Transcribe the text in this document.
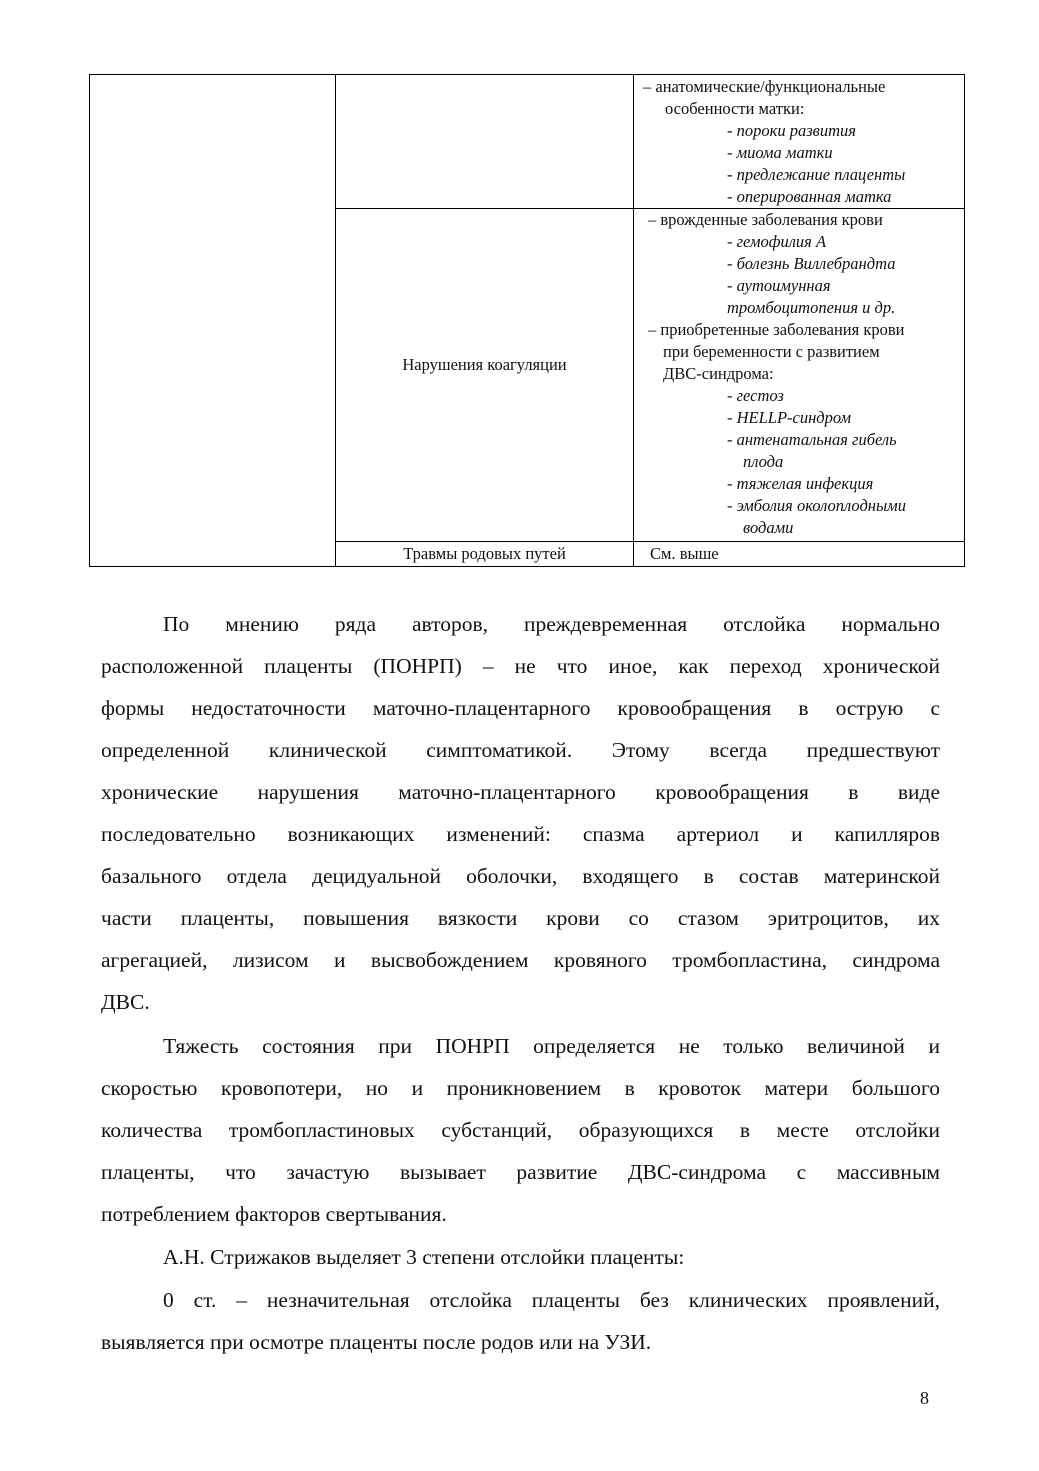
– анатомические/функциональные
особенности матки:
- пороки развития
- миома матки
- предлежание плаценты
- оперированная матка
Нарушения коагуляции
– врожденные заболевания крови
- гемофилия А
- болезнь Виллебрандта
- аутоимунная
тромбоцитопения и др.
– приобретенные заболевания крови
при беременности с развитием
ДВС-синдрома:
- гестоз
- HELLP-синдром
- антенатальная гибель
плода
- тяжелая инфекция
- эмболия околоплодными
водами
Травмы родовых путей	См. выше
По мнению ряда авторов, преждевременная отслойка нормально
расположенной плаценты (ПОНРП) – не что иное, как переход хронической
формы недостаточности маточно-плацентарного кровообращения в острую с
определенной клинической симптоматикой. Этому всегда предшествуют
хронические нарушения маточно-плацентарного кровообращения в виде
последовательно возникающих изменений: спазма артериол и капилляров
базального отдела децидуальной оболочки, входящего в состав материнской
части плаценты, повышения вязкости крови со стазом эритроцитов, их
агрегацией, лизисом и высвобождением кровяного тромбопластина, синдрома
ДВС.
Тяжесть состояния при ПОНРП определяется не только величиной и
скоростью кровопотери, но и проникновением в кровоток матери большого
количества тромбопластиновых субстанций, образующихся в месте отслойки
плаценты, что зачастую вызывает развитие ДВС-синдрома с массивным
потреблением факторов свертывания.
А.Н. Стрижаков выделяет 3 степени отслойки плаценты:
0 ст. – незначительная отслойка плаценты без клинических проявлений,
выявляется при осмотре плаценты после родов или на УЗИ.
8
